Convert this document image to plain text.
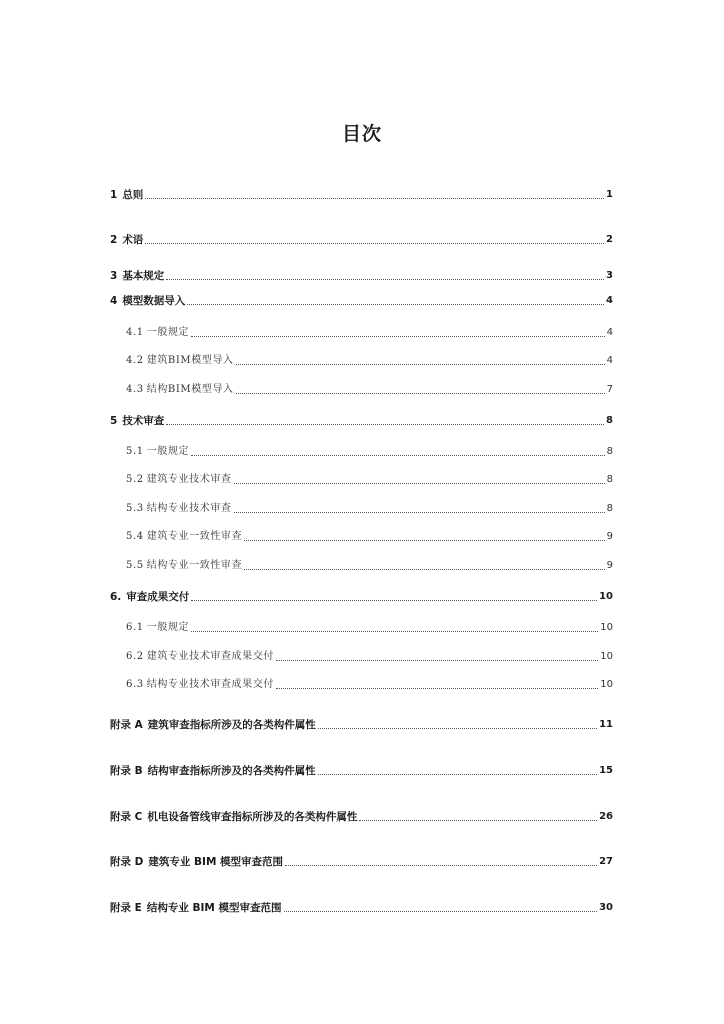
目次
1 总则	1
2 术语	2
3 基本规定	3
4 模型数据导入	4
4.1 一般规定	4
4.2 建筑BIM模型导入	4
4.3 结构BIM模型导入	7
5 技术审查	8
5.1 一般规定	8
5.2 建筑专业技术审查	8
5.3 结构专业技术审查	8
5.4 建筑专业一致性审查	9
5.5 结构专业一致性审查	9
6. 审查成果交付	10
6.1 一般规定	10
6.2 建筑专业技术审查成果交付	10
6.3 结构专业技术审查成果交付	10
附录 A 建筑审查指标所涉及的各类构件属性	11
附录 B 结构审查指标所涉及的各类构件属性	15
附录 C 机电设备管线审查指标所涉及的各类构件属性	26
附录 D 建筑专业 BIM 模型审查范围	27
附录 E 结构专业 BIM 模型审查范围	30
